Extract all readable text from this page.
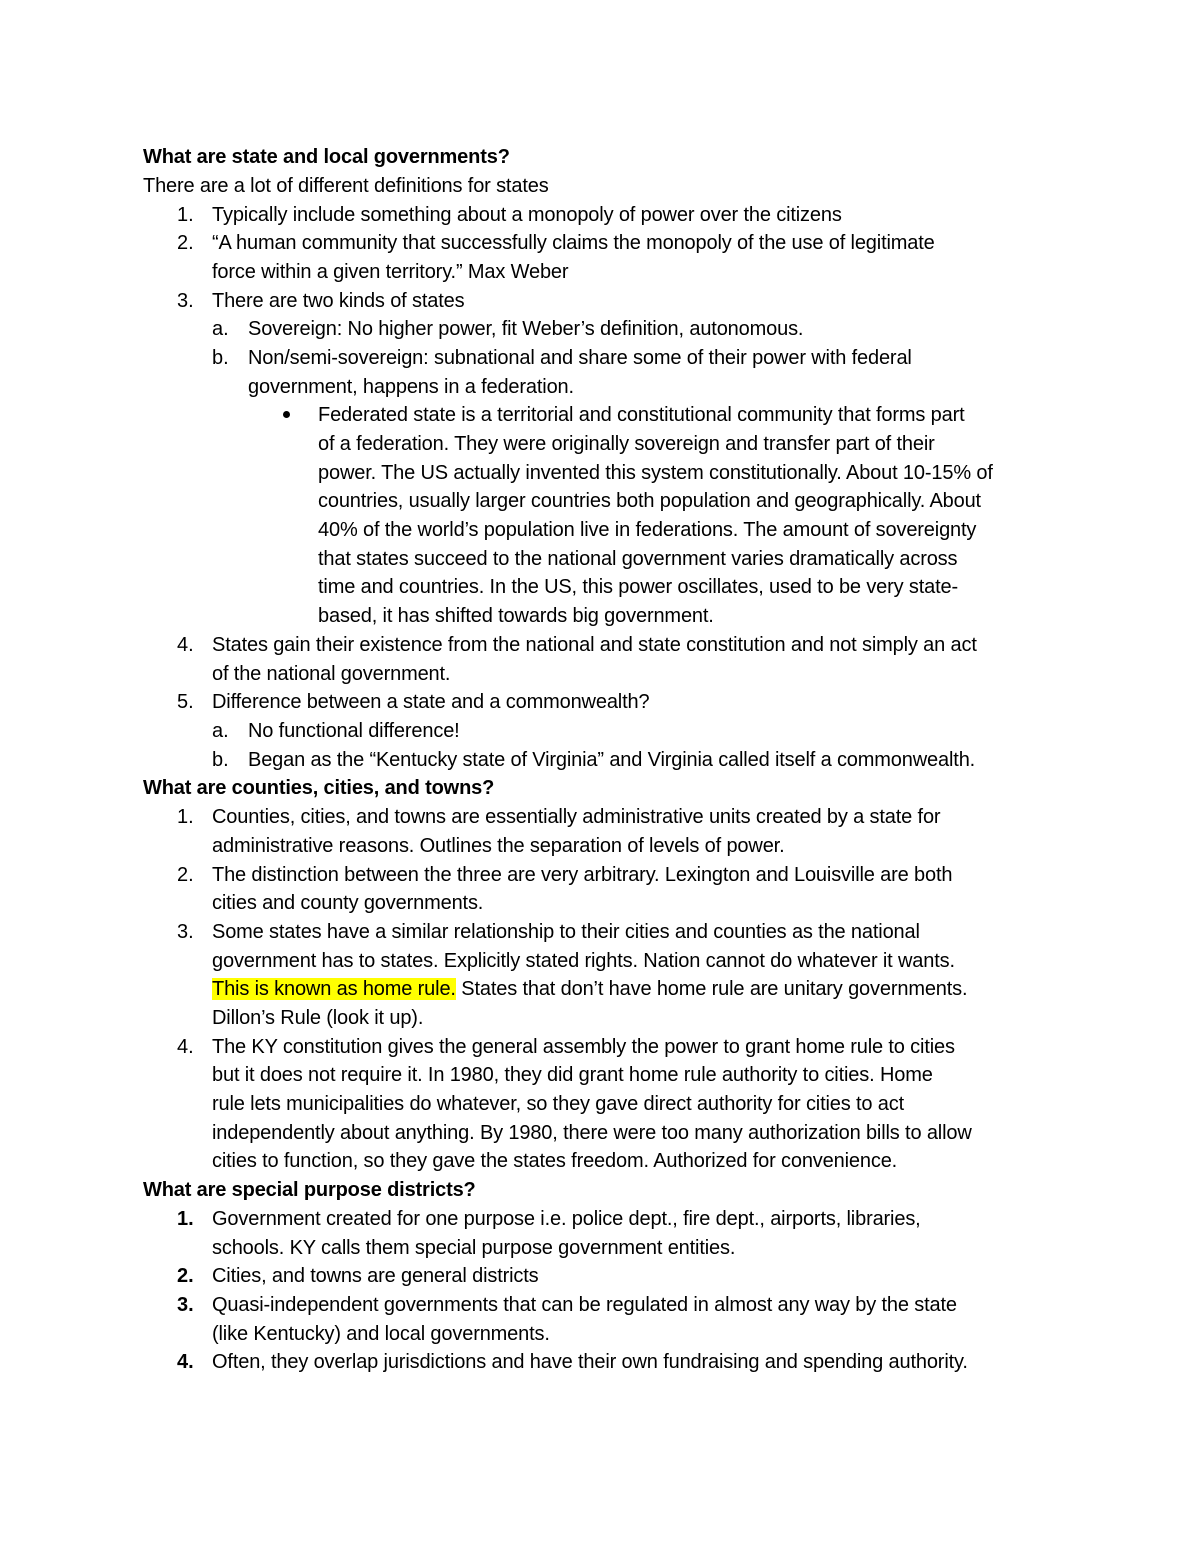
What are state and local governments?
There are a lot of different definitions for states
1. Typically include something about a monopoly of power over the citizens
2. “A human community that successfully claims the monopoly of the use of legitimate
force within a given territory.” Max Weber
3. There are two kinds of states
a. Sovereign: No higher power, fit Weber’s definition, autonomous.
b. Non/semi-sovereign: subnational and share some of their power with federal
government, happens in a federation.
Federated state is a territorial and constitutional community that forms part
of a federation. They were originally sovereign and transfer part of their
power. The US actually invented this system constitutionally. About 10-15% of
countries, usually larger countries both population and geographically. About
40% of the world’s population live in federations. The amount of sovereignty
that states succeed to the national government varies dramatically across
time and countries. In the US, this power oscillates, used to be very state-
based, it has shifted towards big government.
4. States gain their existence from the national and state constitution and not simply an act
of the national government.
5. Difference between a state and a commonwealth?
a. No functional difference!
b. Began as the “Kentucky state of Virginia” and Virginia called itself a commonwealth.
What are counties, cities, and towns?
1. Counties, cities, and towns are essentially administrative units created by a state for
administrative reasons. Outlines the separation of levels of power.
2. The distinction between the three are very arbitrary. Lexington and Louisville are both
cities and county governments.
3. Some states have a similar relationship to their cities and counties as the national
government has to states. Explicitly stated rights. Nation cannot do whatever it wants.
This is known as home rule. States that don’t have home rule are unitary governments.
Dillon’s Rule (look it up).
4. The KY constitution gives the general assembly the power to grant home rule to cities
but it does not require it. In 1980, they did grant home rule authority to cities. Home
rule lets municipalities do whatever, so they gave direct authority for cities to act
independently about anything. By 1980, there were too many authorization bills to allow
cities to function, so they gave the states freedom. Authorized for convenience.
What are special purpose districts?
1. Government created for one purpose i.e. police dept., fire dept., airports, libraries,
schools. KY calls them special purpose government entities.
2. Cities, and towns are general districts
3. Quasi-independent governments that can be regulated in almost any way by the state
(like Kentucky) and local governments.
4. Often, they overlap jurisdictions and have their own fundraising and spending authority.
